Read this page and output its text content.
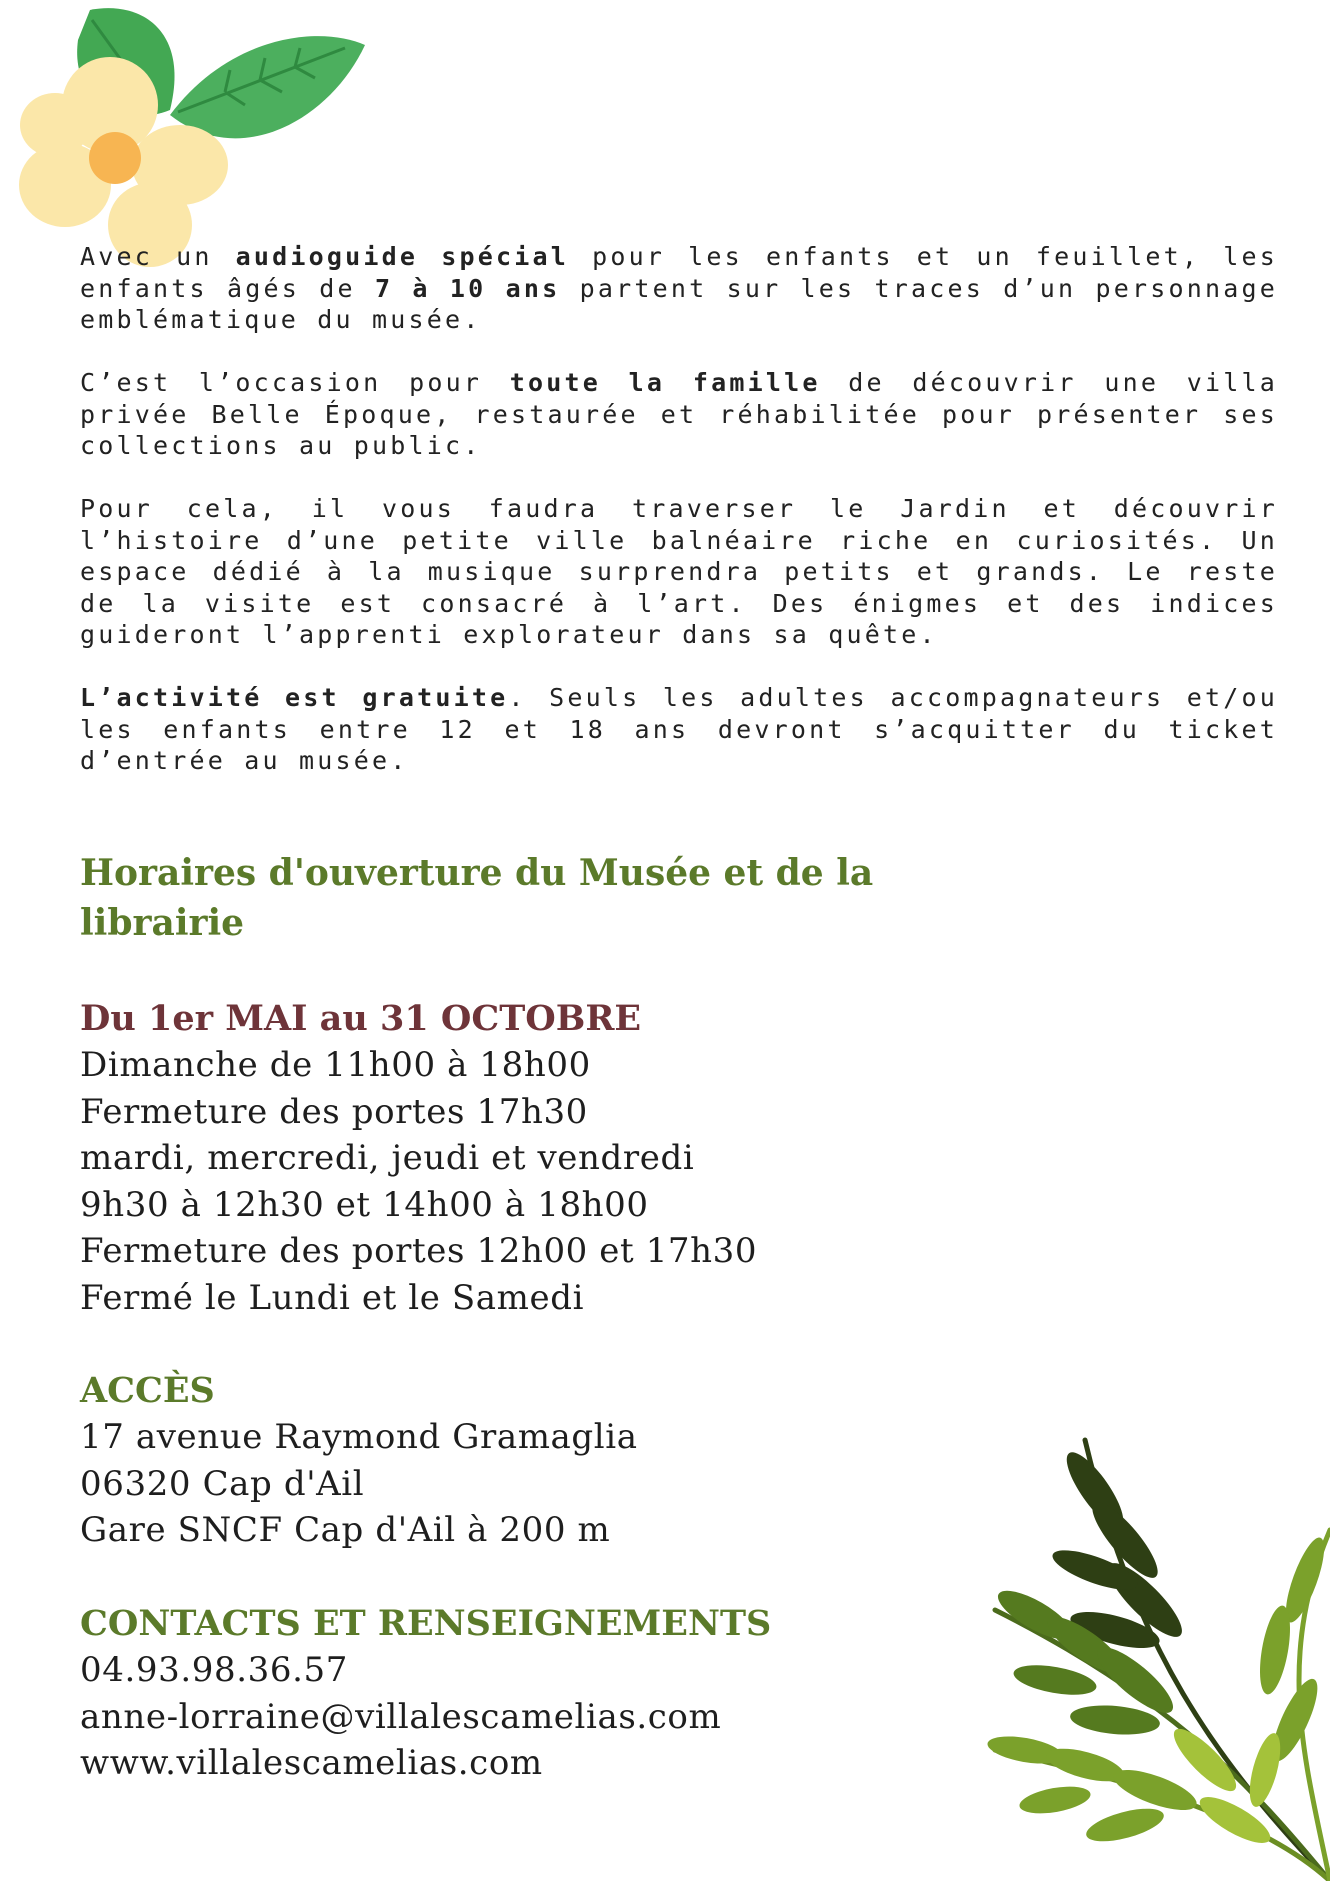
Avec un audioguide spécial pour les enfants et un feuillet, les enfants âgés de 7 à 10 ans partent sur les traces d’un personnage emblématique du musée.

C’est l’occasion pour toute la famille de découvrir une villa privée Belle Époque, restaurée et réhabilitée pour présenter ses collections au public.

Pour cela, il vous faudra traverser le Jardin et découvrir l’histoire d’une petite ville balnéaire riche en curiosités. Un espace dédié à la musique surprendra petits et grands. Le reste de la visite est consacré à l’art. Des énigmes et des indices guideront l’apprenti explorateur dans sa quête.

L’activité est gratuite. Seuls les adultes accompagnateurs et/ou les enfants entre 12 et 18 ans devront s’acquitter du ticket d’entrée au musée.

Horaires d'ouverture du Musée et de la librairie
Du 1er MAI au 31 OCTOBRE
Dimanche de 11h00 à 18h00
Fermeture des portes 17h30
mardi, mercredi, jeudi et vendredi
9h30 à 12h30 et 14h00 à 18h00
Fermeture des portes 12h00 et 17h30
Fermé le Lundi et le Samedi
ACCÈS
17 avenue Raymond Gramaglia
06320 Cap d'Ail
Gare SNCF Cap d'Ail à 200 m
CONTACTS ET RENSEIGNEMENTS
04.93.98.36.57
anne-lorraine@villalescamelias.com
www.villalescamelias.com
